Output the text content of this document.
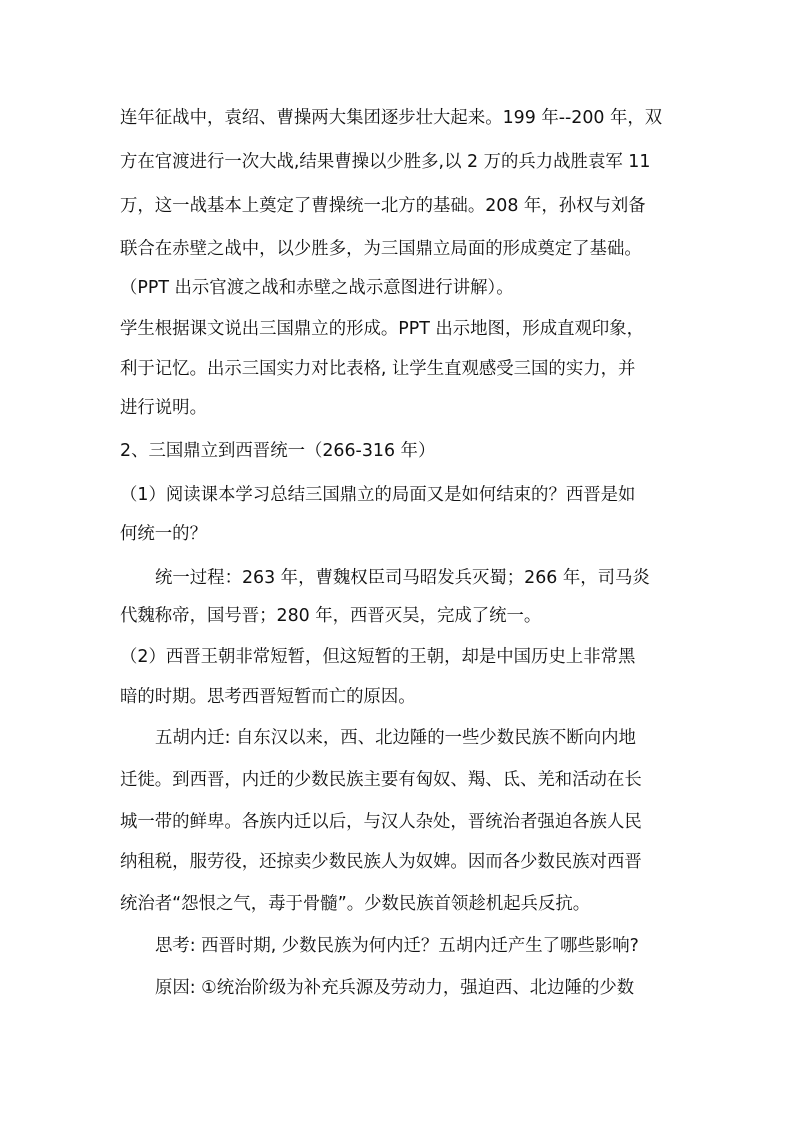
连年征战中，袁绍、曹操两大集团逐步壮大起来。199 年--200 年，双
方在官渡进行一次大战,结果曹操以少胜多,以 2 万的兵力战胜袁军 11
万，这一战基本上奠定了曹操统一北方的基础。208 年，孙权与刘备
联合在赤壁之战中，以少胜多，为三国鼎立局面的形成奠定了基础。
（PPT 出示官渡之战和赤壁之战示意图进行讲解）。
学生根据课文说出三国鼎立的形成。PPT 出示地图，形成直观印象，
利于记忆。出示三国实力对比表格, 让学生直观感受三国的实力，并
进行说明。
2、三国鼎立到西晋统一（266-316 年）
（1）阅读课本学习总结三国鼎立的局面又是如何结束的？西晋是如
何统一的？
统一过程：263 年，曹魏权臣司马昭发兵灭蜀；266 年，司马炎
代魏称帝，国号晋；280 年，西晋灭吴，完成了统一。
（2）西晋王朝非常短暂，但这短暂的王朝，却是中国历史上非常黑
暗的时期。思考西晋短暂而亡的原因。
五胡内迁: 自东汉以来，西、北边陲的一些少数民族不断向内地
迁徙。到西晋，内迁的少数民族主要有匈奴、羯、氐、羌和活动在长
城一带的鲜卑。各族内迁以后，与汉人杂处，晋统治者强迫各族人民
纳租税，服劳役，还掠卖少数民族人为奴婢。因而各少数民族对西晋
统治者“怨恨之气，毒于骨髓”。少数民族首领趁机起兵反抗。
思考: 西晋时期, 少数民族为何内迁？五胡内迁产生了哪些影响?
原因: ①统治阶级为补充兵源及劳动力，强迫西、北边陲的少数
